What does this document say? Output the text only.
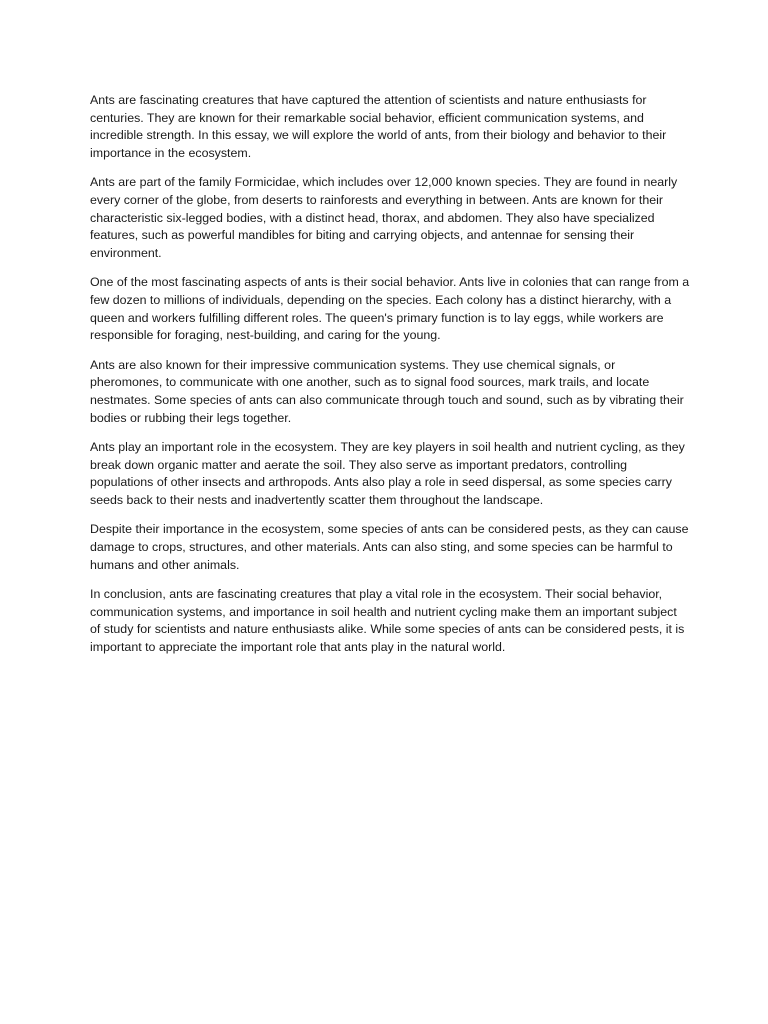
Ants are fascinating creatures that have captured the attention of scientists and nature enthusiasts for centuries. They are known for their remarkable social behavior, efficient communication systems, and incredible strength. In this essay, we will explore the world of ants, from their biology and behavior to their importance in the ecosystem.

Ants are part of the family Formicidae, which includes over 12,000 known species. They are found in nearly every corner of the globe, from deserts to rainforests and everything in between. Ants are known for their characteristic six-legged bodies, with a distinct head, thorax, and abdomen. They also have specialized features, such as powerful mandibles for biting and carrying objects, and antennae for sensing their environment.

One of the most fascinating aspects of ants is their social behavior. Ants live in colonies that can range from a few dozen to millions of individuals, depending on the species. Each colony has a distinct hierarchy, with a queen and workers fulfilling different roles. The queen's primary function is to lay eggs, while workers are responsible for foraging, nest-building, and caring for the young.

Ants are also known for their impressive communication systems. They use chemical signals, or pheromones, to communicate with one another, such as to signal food sources, mark trails, and locate nestmates. Some species of ants can also communicate through touch and sound, such as by vibrating their bodies or rubbing their legs together.

Ants play an important role in the ecosystem. They are key players in soil health and nutrient cycling, as they break down organic matter and aerate the soil. They also serve as important predators, controlling populations of other insects and arthropods. Ants also play a role in seed dispersal, as some species carry seeds back to their nests and inadvertently scatter them throughout the landscape.

Despite their importance in the ecosystem, some species of ants can be considered pests, as they can cause damage to crops, structures, and other materials. Ants can also sting, and some species can be harmful to humans and other animals.

In conclusion, ants are fascinating creatures that play a vital role in the ecosystem. Their social behavior, communication systems, and importance in soil health and nutrient cycling make them an important subject of study for scientists and nature enthusiasts alike. While some species of ants can be considered pests, it is important to appreciate the important role that ants play in the natural world.
